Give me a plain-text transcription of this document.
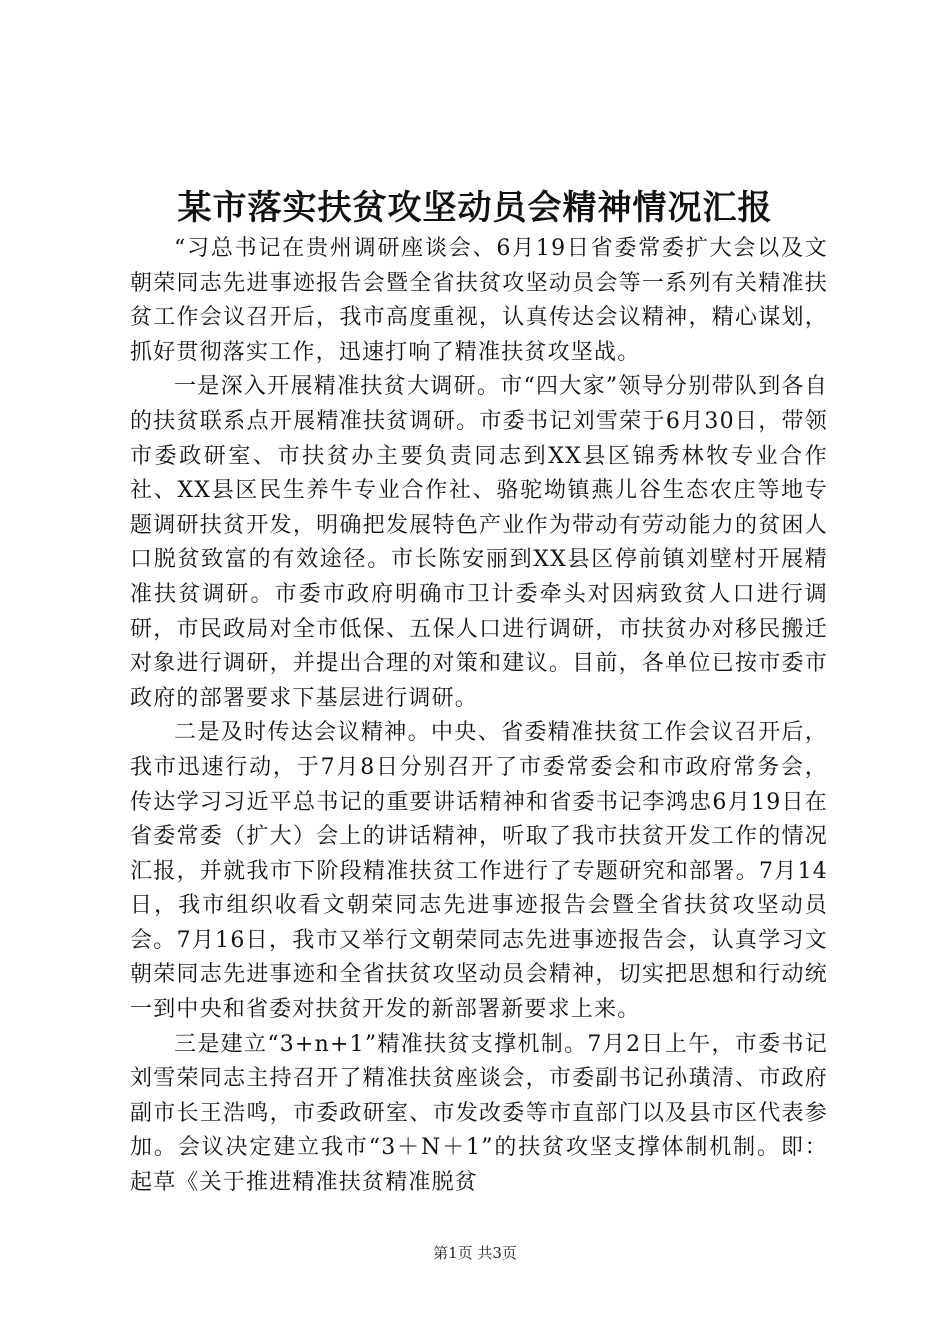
某市落实扶贫攻坚动员会精神情况汇报

“习总书记在贵州调研座谈会、6月19日省委常委扩大会以及文朝荣同志先进事迹报告会暨全省扶贫攻坚动员会等一系列有关精准扶贫工作会议召开后，我市高度重视，认真传达会议精神，精心谋划，抓好贯彻落实工作，迅速打响了精准扶贫攻坚战。

一是深入开展精准扶贫大调研。市“四大家”领导分别带队到各自的扶贫联系点开展精准扶贫调研。市委书记刘雪荣于6月30日，带领市委政研室、市扶贫办主要负责同志到XX县区锦秀林牧专业合作社、XX县区民生养牛专业合作社、骆驼坳镇燕儿谷生态农庄等地专题调研扶贫开发，明确把发展特色产业作为带动有劳动能力的贫困人口脱贫致富的有效途径。市长陈安丽到XX县区停前镇刘壁村开展精准扶贫调研。市委市政府明确市卫计委牵头对因病致贫人口进行调研，市民政局对全市低保、五保人口进行调研，市扶贫办对移民搬迁对象进行调研，并提出合理的对策和建议。目前，各单位已按市委市政府的部署要求下基层进行调研。

二是及时传达会议精神。中央、省委精准扶贫工作会议召开后，我市迅速行动，于7月8日分别召开了市委常委会和市政府常务会，传达学习习近平总书记的重要讲话精神和省委书记李鸿忠6月19日在省委常委（扩大）会上的讲话精神，听取了我市扶贫开发工作的情况汇报，并就我市下阶段精准扶贫工作进行了专题研究和部署。7月14日，我市组织收看文朝荣同志先进事迹报告会暨全省扶贫攻坚动员会。7月16日，我市又举行文朝荣同志先进事迹报告会，认真学习文朝荣同志先进事迹和全省扶贫攻坚动员会精神，切实把思想和行动统一到中央和省委对扶贫开发的新部署新要求上来。

三是建立“3+n+1”精准扶贫支撑机制。7月2日上午，市委书记刘雪荣同志主持召开了精准扶贫座谈会，市委副书记孙璜清、市政府副市长王浩鸣，市委政研室、市发改委等市直部门以及县市区代表参加。会议决定建立我市“3＋N＋1”的扶贫攻坚支撑体制机制。即：起草《关于推进精准扶贫精准脱贫

第1页 共3页
